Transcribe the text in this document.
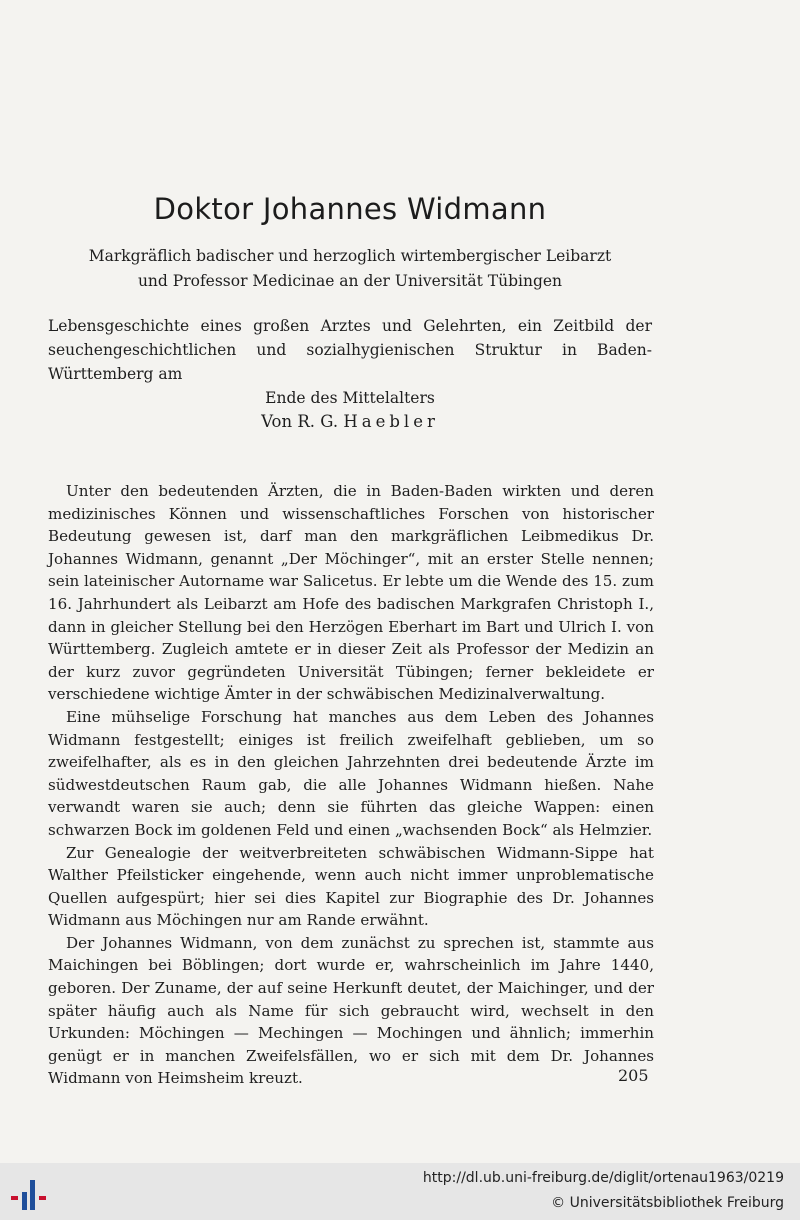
Doktor Johannes Widmann
Markgräflich badischer und herzoglich wirtembergischer Leibarzt
und Professor Medicinae an der Universität Tübingen
Lebensgeschichte eines großen Arztes und Gelehrten, ein Zeitbild der seuchengeschichtlichen und sozialhygienischen Struktur in Baden-Württemberg am
Ende des Mittelalters
Von R. G. Haebler

Unter den bedeutenden Ärzten, die in Baden-Baden wirkten und deren medizinisches Können und wissenschaftliches Forschen von historischer Bedeutung gewesen ist, darf man den markgräflichen Leibmedikus Dr. Johannes Widmann, genannt „Der Möchinger“, mit an erster Stelle nennen; sein lateinischer Autorname war Salicetus. Er lebte um die Wende des 15. zum 16. Jahrhundert als Leibarzt am Hofe des badischen Markgrafen Christoph I., dann in gleicher Stellung bei den Herzögen Eberhart im Bart und Ulrich I. von Württemberg. Zugleich amtete er in dieser Zeit als Professor der Medizin an der kurz zuvor gegründeten Universität Tübingen; ferner bekleidete er verschiedene wichtige Ämter in der schwäbischen Medizinalverwaltung.

Eine mühselige Forschung hat manches aus dem Leben des Johannes Widmann festgestellt; einiges ist freilich zweifelhaft geblieben, um so zweifelhafter, als es in den gleichen Jahrzehnten drei bedeutende Ärzte im südwestdeutschen Raum gab, die alle Johannes Widmann hießen. Nahe verwandt waren sie auch; denn sie führten das gleiche Wappen: einen schwarzen Bock im goldenen Feld und einen „wachsenden Bock“ als Helmzier.

Zur Genealogie der weitverbreiteten schwäbischen Widmann-Sippe hat Walther Pfeilsticker eingehende, wenn auch nicht immer unproblematische Quellen aufgespürt; hier sei dies Kapitel zur Biographie des Dr. Johannes Widmann aus Möchingen nur am Rande erwähnt.

Der Johannes Widmann, von dem zunächst zu sprechen ist, stammte aus Maichingen bei Böblingen; dort wurde er, wahrscheinlich im Jahre 1440, geboren. Der Zuname, der auf seine Herkunft deutet, der Maichinger, und der später häufig auch als Name für sich gebraucht wird, wechselt in den Urkunden: Möchingen — Mechingen — Mochingen und ähnlich; immerhin genügt er in manchen Zweifelsfällen, wo er sich mit dem Dr. Johannes Widmann von Heimsheim kreuzt.	205
http://dl.ub.uni-freiburg.de/diglit/ortenau1963/0219
© Universitätsbibliothek Freiburg
